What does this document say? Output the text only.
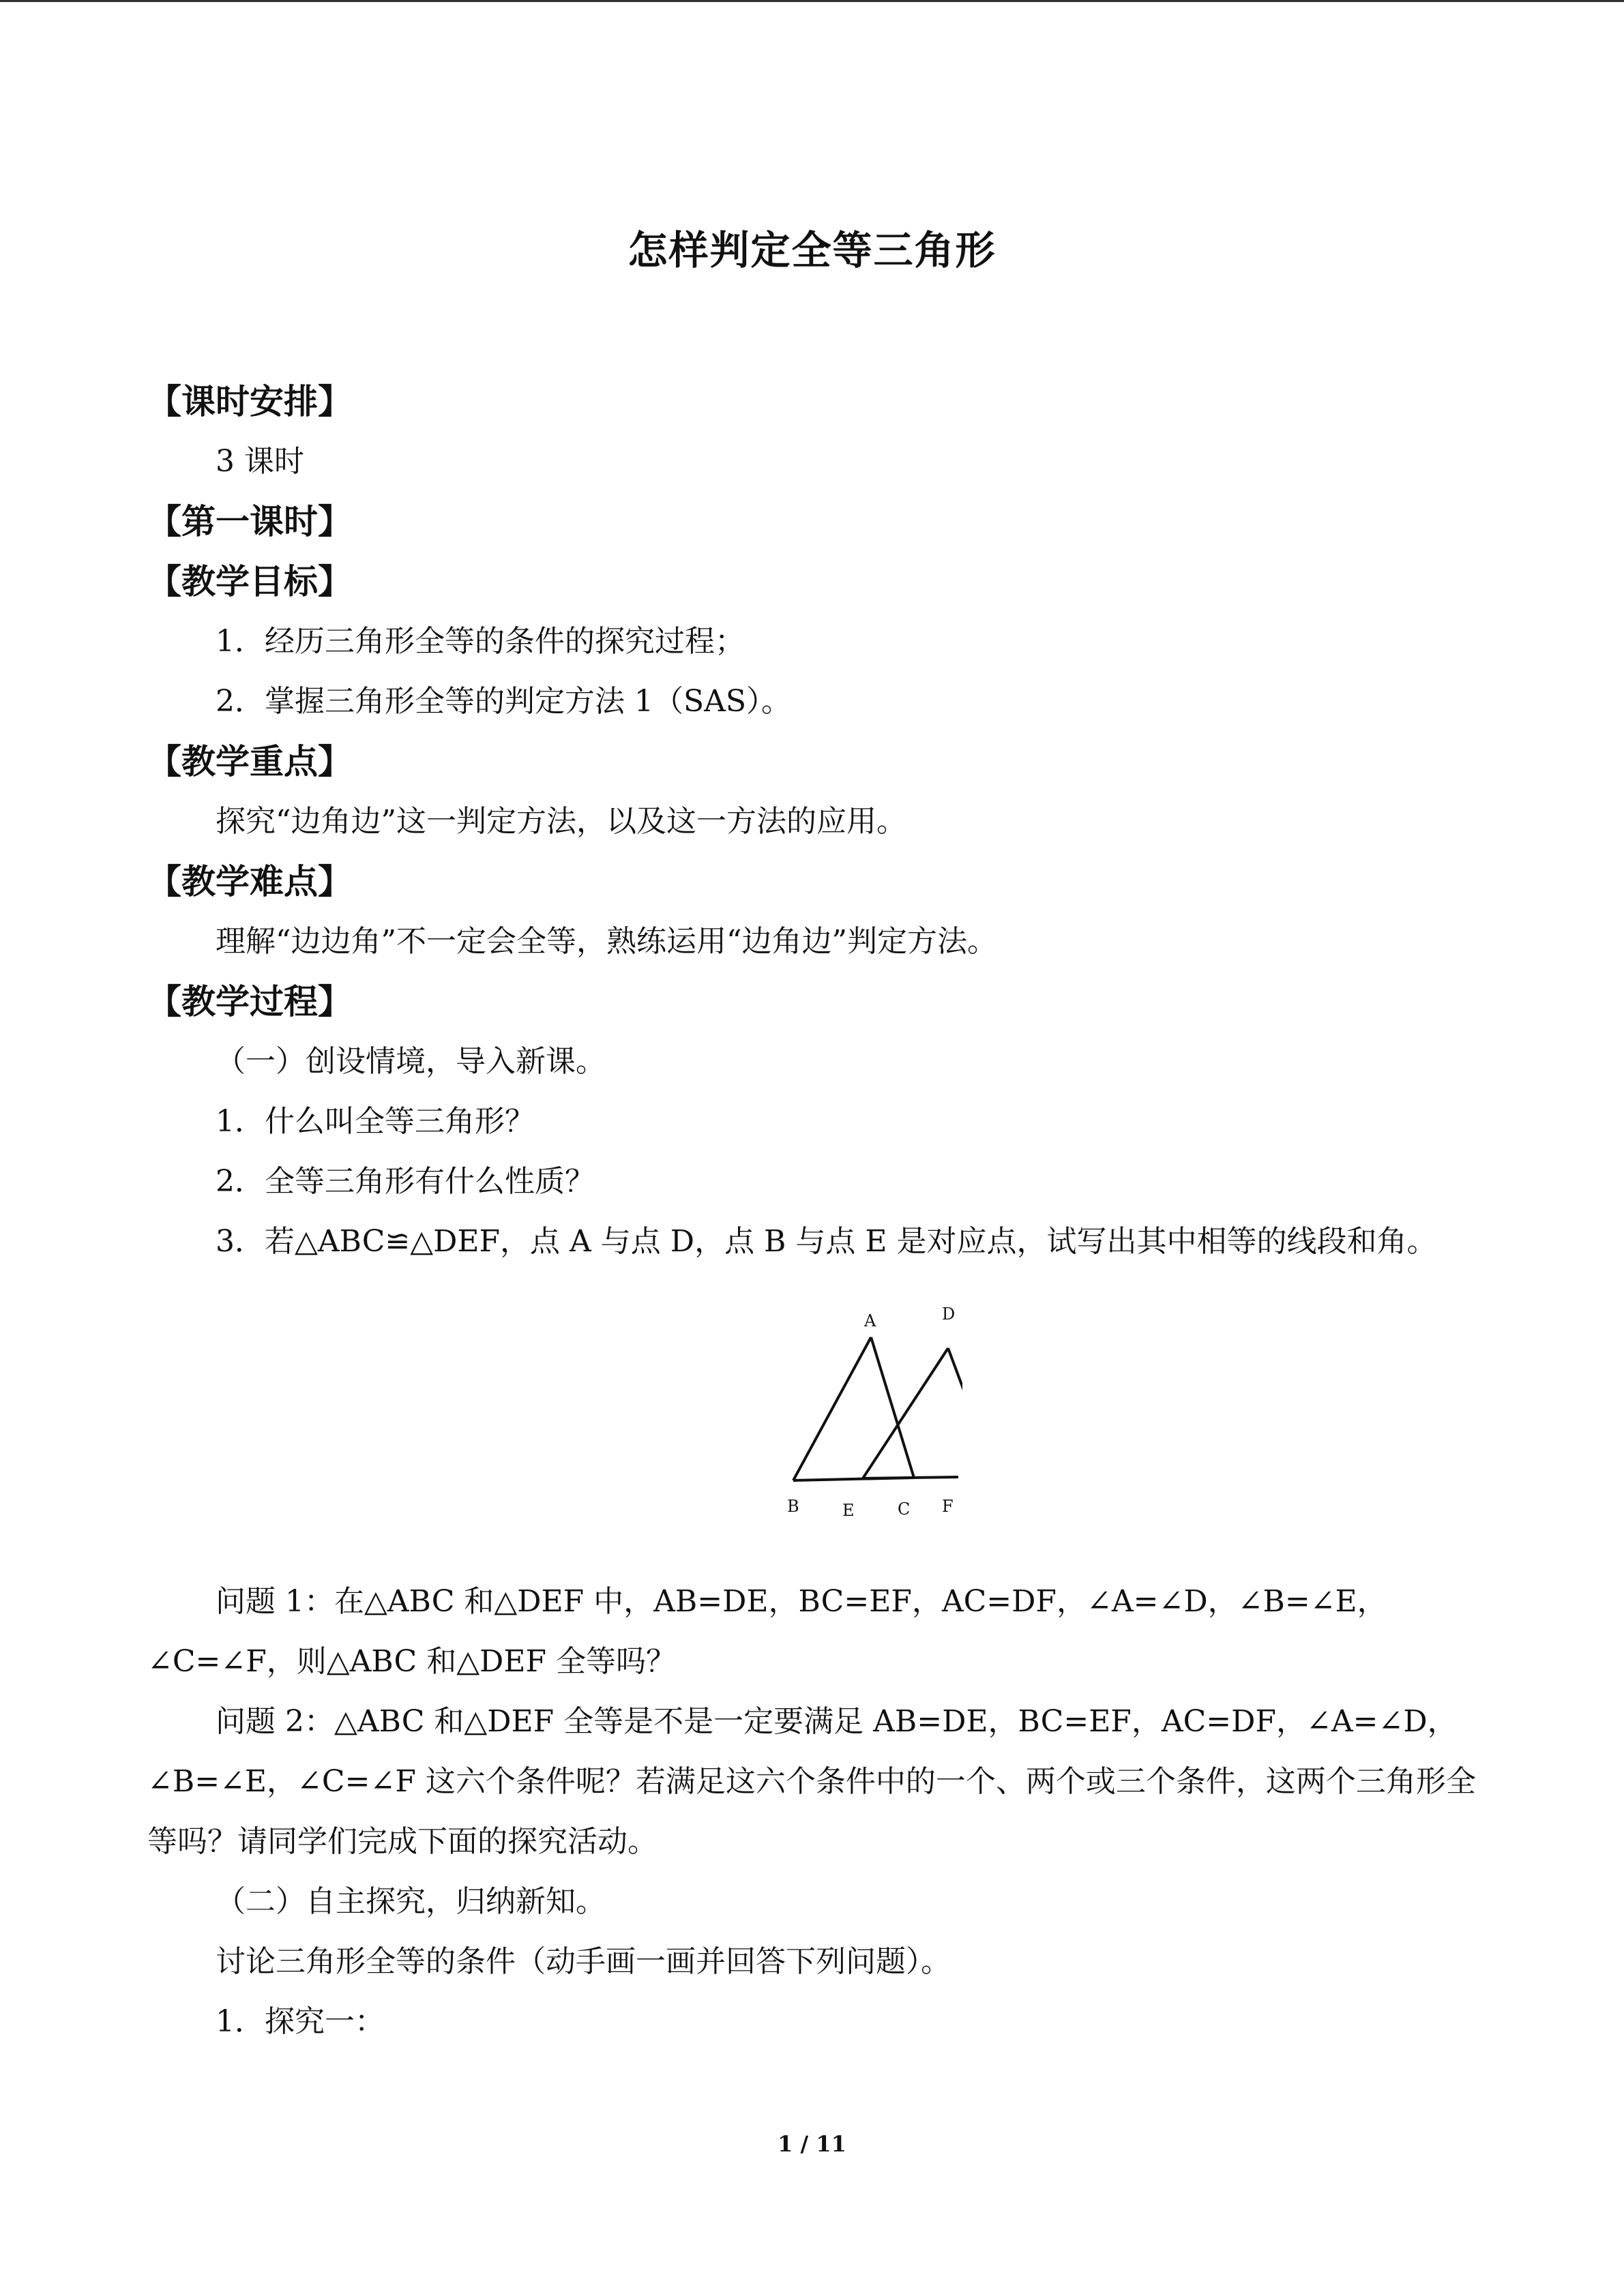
怎样判定全等三角形
【课时安排】
3 课时
【第一课时】
【教学目标】
1．经历三角形全等的条件的探究过程；
2．掌握三角形全等的判定方法 1（SAS）。
【教学重点】
探究“边角边”这一判定方法，以及这一方法的应用。
【教学难点】
理解“边边角”不一定会全等，熟练运用“边角边”判定方法。
【教学过程】
（一）创设情境，导入新课。
1．什么叫全等三角形？
2．全等三角形有什么性质？
3．若△ABC≌△DEF，点 A 与点 D，点 B 与点 E 是对应点，试写出其中相等的线段和角。
A
B	C
D
E	F
问题 1：在△ABC 和△DEF 中，AB=DE，BC=EF，AC=DF，∠A=∠D，∠B=∠E，∠C=∠F，则△ABC 和△DEF 全等吗？
问题 2：△ABC 和△DEF 全等是不是一定要满足 AB=DE，BC=EF，AC=DF，∠A=∠D，∠B=∠E，∠C=∠F 这六个条件呢？若满足这六个条件中的一个、两个或三个条件，这两个三角形全等吗？请同学们完成下面的探究活动。
（二）自主探究，归纳新知。
讨论三角形全等的条件（动手画一画并回答下列问题）。
1．探究一：
1 / 11
